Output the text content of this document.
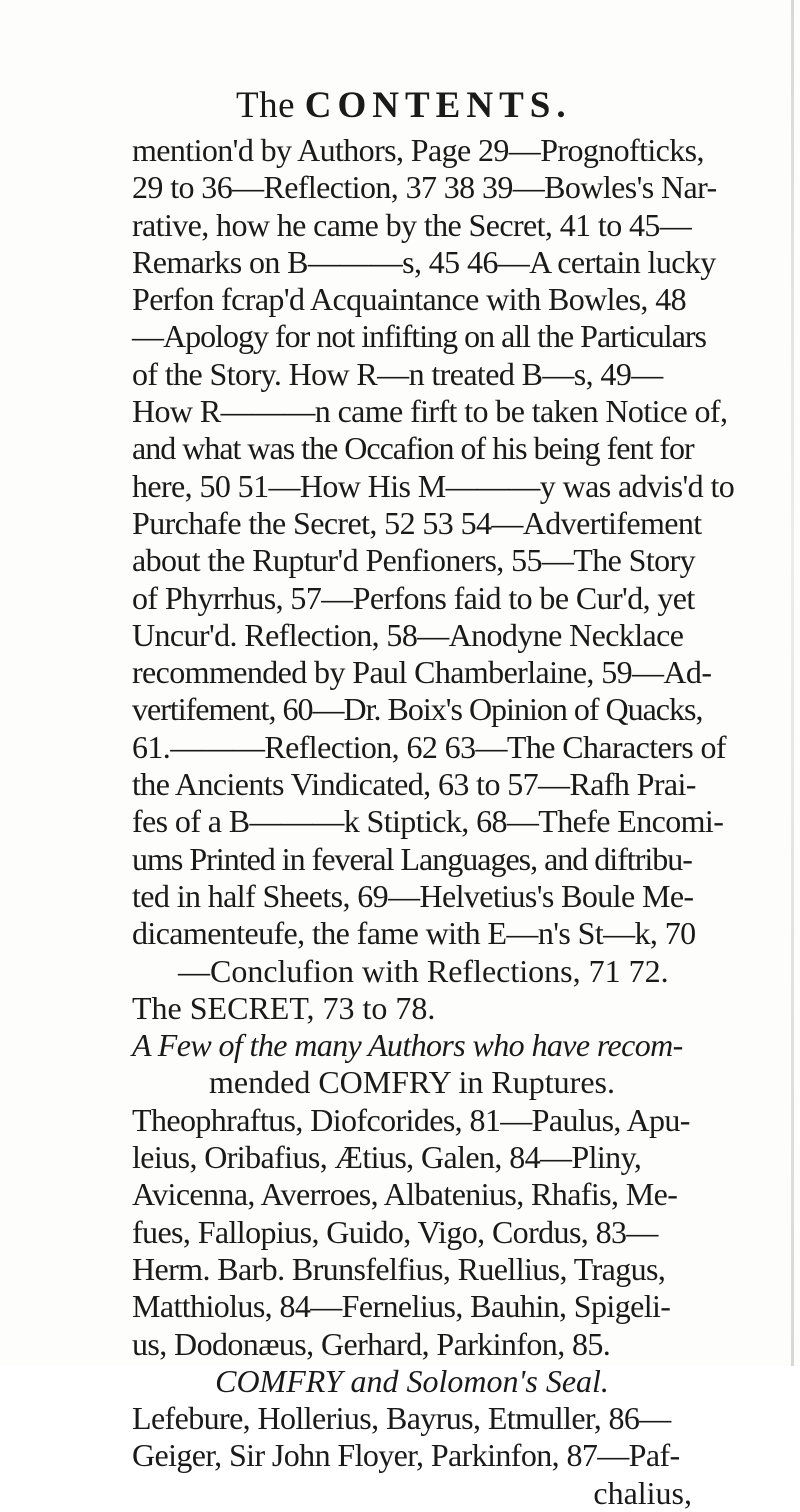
The CONTENTS.
mention'd by Authors, Page 29—Prognofticks,
29 to 36—Reflection, 37 38 39—Bowles's Nar-
rative, how he came by the Secret, 41 to 45—
Remarks on B———s, 45 46—A certain lucky
Perfon fcrap'd Acquaintance with Bowles, 48
—Apology for not infifting on all the Particulars
of the Story. How R—n treated B—s, 49—
How R———n came firft to be taken Notice of,
and what was the Occafion of his being fent for
here, 50 51—How His M———y was advis'd to
Purchafe the Secret, 52 53 54—Advertifement
about the Ruptur'd Penfioners, 55—The Story
of Phyrrhus, 57—Perfons faid to be Cur'd, yet
Uncur'd. Reflection, 58—Anodyne Necklace
recommended by Paul Chamberlaine, 59—Ad-
vertifement, 60—Dr. Boix's Opinion of Quacks,
61.———Reflection, 62 63—The Characters of
the Ancients Vindicated, 63 to 57—Rafh Prai-
fes of a B———k Stiptick, 68—Thefe Encomi-
ums Printed in feveral Languages, and diftribu-
ted in half Sheets, 69—Helvetius's Boule Me-
dicamenteufe, the fame with E—n's St—k, 70
—Conclufion with Reflections, 71 72.
The SECRET, 73 to 78.
A Few of the many Authors who have recom-
mended COMFRY in Ruptures.
Theophraftus, Diofcorides, 81—Paulus, Apu-
leius, Oribafius, Ætius, Galen, 84—Pliny,
Avicenna, Averroes, Albatenius, Rhafis, Me-
fues, Fallopius, Guido, Vigo, Cordus, 83—
Herm. Barb. Brunsfelfius, Ruellius, Tragus,
Matthiolus, 84—Fernelius, Bauhin, Spigeli-
us, Dodonæus, Gerhard, Parkinfon, 85.
COMFRY and Solomon's Seal.
Lefebure, Hollerius, Bayrus, Etmuller, 86—
Geiger, Sir John Floyer, Parkinfon, 87—Paf-
chalius,
